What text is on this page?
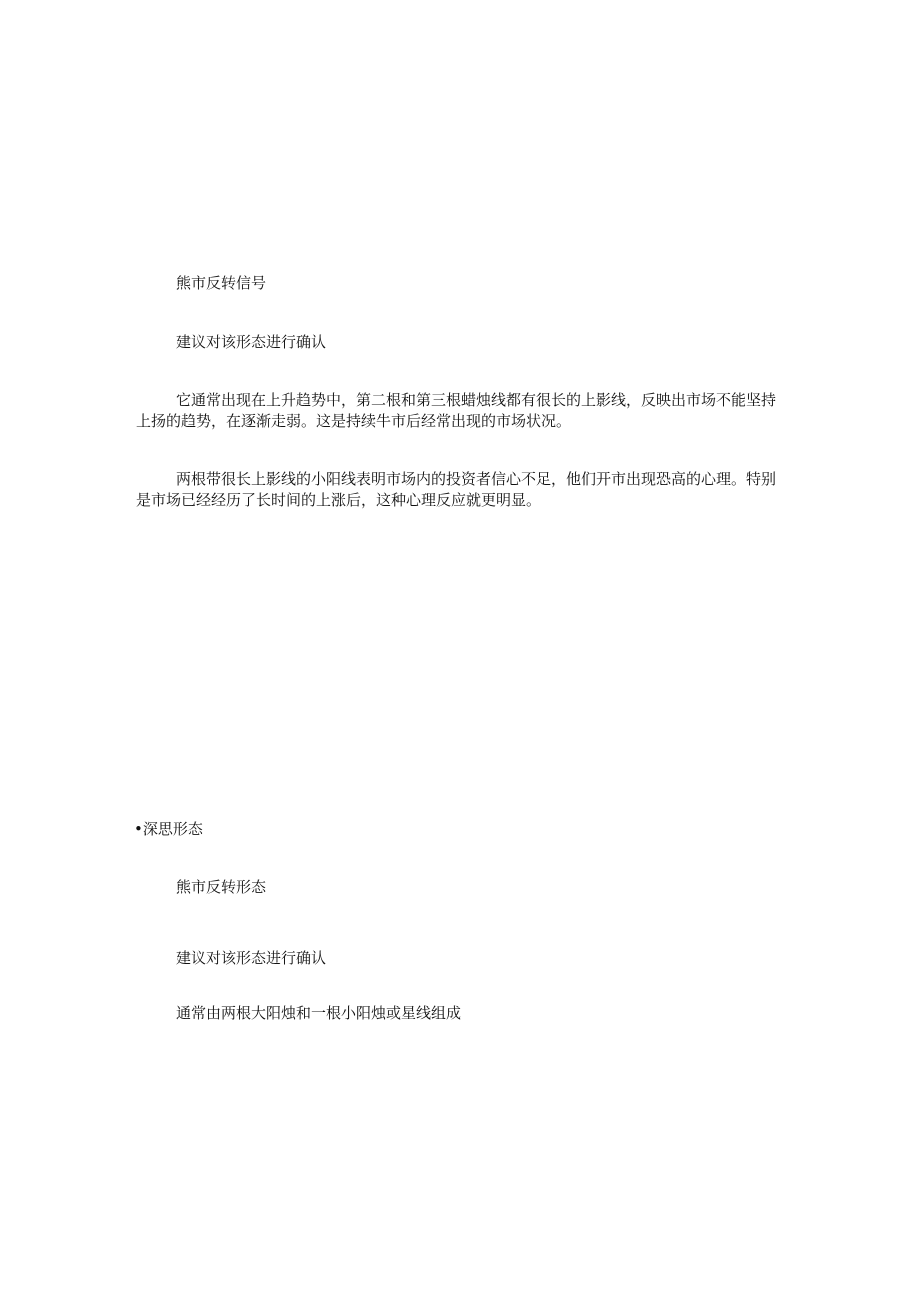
熊市反转信号
建议对该形态进行确认
它通常出现在上升趋势中，第二根和第三根蜡烛线都有很长的上影线，反映出市场不能坚持上扬的趋势，在逐渐走弱。这是持续牛市后经常出现的市场状况。
两根带很长上影线的小阳线表明市场内的投资者信心不足，他们开市出现恐高的心理。特别是市场已经经历了长时间的上涨后，这种心理反应就更明显。
•深思形态
熊市反转形态
建议对该形态进行确认
通常由两根大阳烛和一根小阳烛或星线组成
